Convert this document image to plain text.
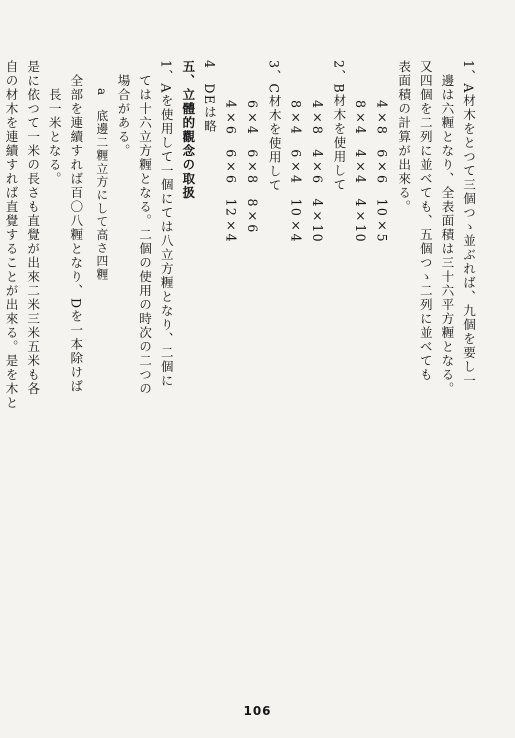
1、A材木をとつて三個つゝ並ぶれば、九個を要し一
邊は六糎となり、全表面積は三十六平方糎となる。
又四個を二列に並べても、五個つゝ二列に並べても
表面積の計算が出來る。
4×8　6×6　10×5
8×4　4×4　4×10
2、B材木を使用して
4×8　4×6　4×10
8×4　6×4　10×4
3、C材木を使用して
6×4　6×8　8×6
4×6　6×6　12×4
4　DEは略
五、立體的觀念の取扱
1、Aを使用して一個にては八立方糎となり、二個に
ては十六立方糎となる。二個の使用の時次の二つの
場合がある。
a　底邊二糎立方にして高さ四糎
全部を連續すれば百〇八糎となり、Dを一本除けば
長一米となる。
是に依つて一米の長さも直覺が出來二米三米五米も各
自の材木を連續すれば直覺することが出來る。是を木と
106
